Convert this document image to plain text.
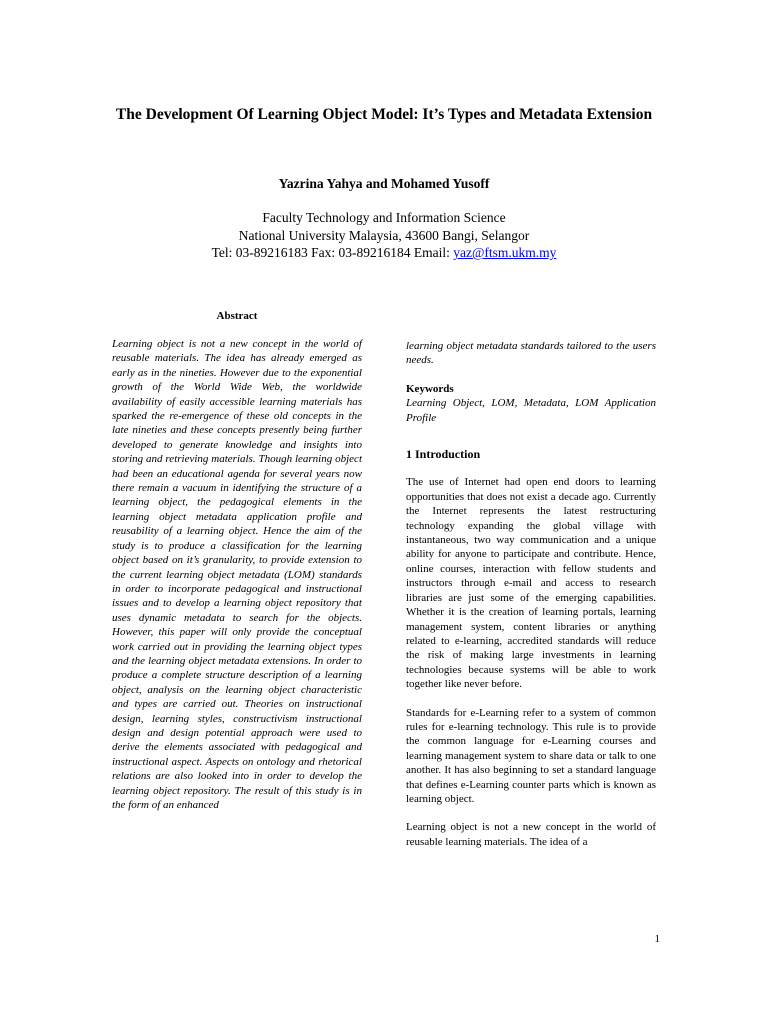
The Development Of Learning Object Model: It’s Types and Metadata Extension
Yazrina Yahya and Mohamed Yusoff
Faculty Technology and Information Science
National University Malaysia, 43600 Bangi, Selangor
Tel: 03-89216183 Fax: 03-89216184 Email: yaz@ftsm.ukm.my
Abstract

Learning object is not a new concept in the world of reusable materials. The idea has already emerged as early as in the nineties. However due to the exponential growth of the World Wide Web, the worldwide availability of easily accessible learning materials has sparked the re-emergence of these old concepts in the late nineties and these concepts presently being further developed to generate knowledge and insights into storing and retrieving materials. Though learning object had been an educational agenda for several years now there remain a vacuum in identifying the structure of a learning object, the pedagogical elements in the learning object metadata application profile and reusability of a learning object. Hence the aim of the study is to produce a classification for the learning object based on it’s granularity, to provide extension to the current learning object metadata (LOM) standards in order to incorporate pedagogical and instructional issues and to develop a learning object repository that uses dynamic metadata to search for the objects. However, this paper will only provide the conceptual work carried out in providing the learning object types and the learning object metadata extensions. In order to produce a complete structure description of a learning object, analysis on the learning object characteristic and types are carried out. Theories on instructional design, learning styles, constructivism instructional design and design potential approach were used to derive the elements associated with pedagogical and instructional aspect. Aspects on ontology and rhetorical relations are also looked into in order to develop the learning object repository. The result of this study is in the form of an enhanced

learning object metadata standards tailored to the users needs.

Keywords

Learning Object, LOM, Metadata, LOM Application Profile

1 Introduction

The use of Internet had open end doors to learning opportunities that does not exist a decade ago. Currently the Internet represents the latest restructuring technology expanding the global village with instantaneous, two way communication and a unique ability for anyone to participate and contribute. Hence, online courses, interaction with fellow students and instructors through e-mail and access to research libraries are just some of the emerging capabilities. Whether it is the creation of learning portals, learning management system, content libraries or anything related to e-learning, accredited standards will reduce the risk of making large investments in learning technologies because systems will be able to work together like never before.

Standards for e-Learning refer to a system of common rules for e-learning technology. This rule is to provide the common language for e-Learning courses and learning management system to share data or talk to one another. It has also beginning to set a standard language that defines e-Learning counter parts which is known as learning object.

Learning object is not a new concept in the world of reusable learning materials. The idea of a

1
